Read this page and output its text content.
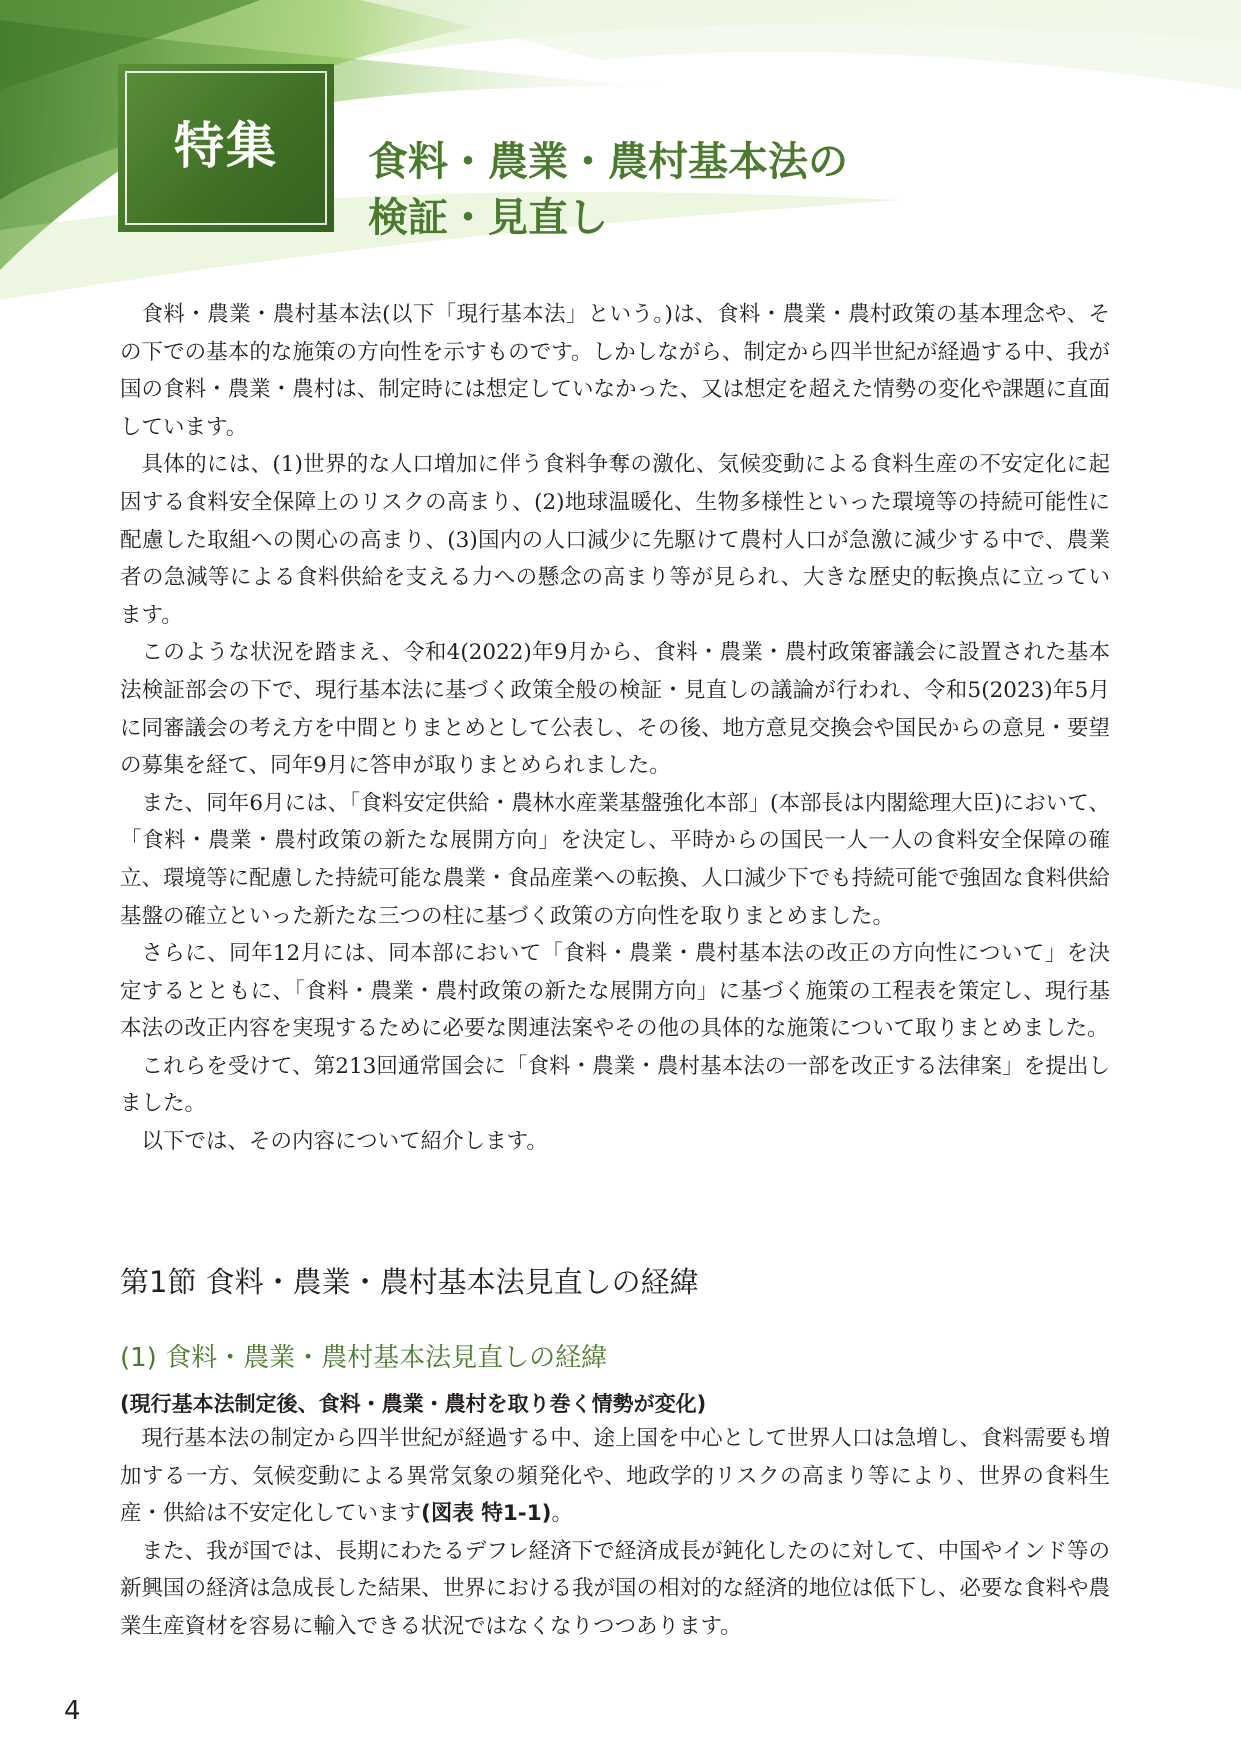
特集	食料・農業・農村基本法の
検証・見直し

食料・農業・農村基本法(以下「現行基本法」という。)は、食料・農業・農村政策の基本理念や、その下での基本的な施策の方向性を示すものです。しかしながら、制定から四半世紀が経過する中、我が国の食料・農業・農村は、制定時には想定していなかった、又は想定を超えた情勢の変化や課題に直面しています。

具体的には、(1)世界的な人口増加に伴う食料争奪の激化、気候変動による食料生産の不安定化に起因する食料安全保障上のリスクの高まり、(2)地球温暖化、生物多様性といった環境等の持続可能性に配慮した取組への関心の高まり、(3)国内の人口減少に先駆けて農村人口が急激に減少する中で、農業者の急減等による食料供給を支える力への懸念の高まり等が見られ、大きな歴史的転換点に立っています。

このような状況を踏まえ、令和4(2022)年9月から、食料・農業・農村政策審議会に設置された基本法検証部会の下で、現行基本法に基づく政策全般の検証・見直しの議論が行われ、令和5(2023)年5月に同審議会の考え方を中間とりまとめとして公表し、その後、地方意見交換会や国民からの意見・要望の募集を経て、同年9月に答申が取りまとめられました。

また、同年6月には、「食料安定供給・農林水産業基盤強化本部」(本部長は内閣総理大臣)において、「食料・農業・農村政策の新たな展開方向」を決定し、平時からの国民一人一人の食料安全保障の確立、環境等に配慮した持続可能な農業・食品産業への転換、人口減少下でも持続可能で強固な食料供給基盤の確立といった新たな三つの柱に基づく政策の方向性を取りまとめました。

さらに、同年12月には、同本部において「食料・農業・農村基本法の改正の方向性について」を決定するとともに、「食料・農業・農村政策の新たな展開方向」に基づく施策の工程表を策定し、現行基本法の改正内容を実現するために必要な関連法案やその他の具体的な施策について取りまとめました。

これらを受けて、第213回通常国会に「食料・農業・農村基本法の一部を改正する法律案」を提出しました。

以下では、その内容について紹介します。

第1節 食料・農業・農村基本法見直しの経緯
(1) 食料・農業・農村基本法見直しの経緯
(現行基本法制定後、食料・農業・農村を取り巻く情勢が変化)

現行基本法の制定から四半世紀が経過する中、途上国を中心として世界人口は急増し、食料需要も増加する一方、気候変動による異常気象の頻発化や、地政学的リスクの高まり等により、世界の食料生産・供給は不安定化しています(図表 特1-1)。

また、我が国では、長期にわたるデフレ経済下で経済成長が鈍化したのに対して、中国やインド等の新興国の経済は急成長した結果、世界における我が国の相対的な経済的地位は低下し、必要な食料や農業生産資材を容易に輸入できる状況ではなくなりつつあります。

4
